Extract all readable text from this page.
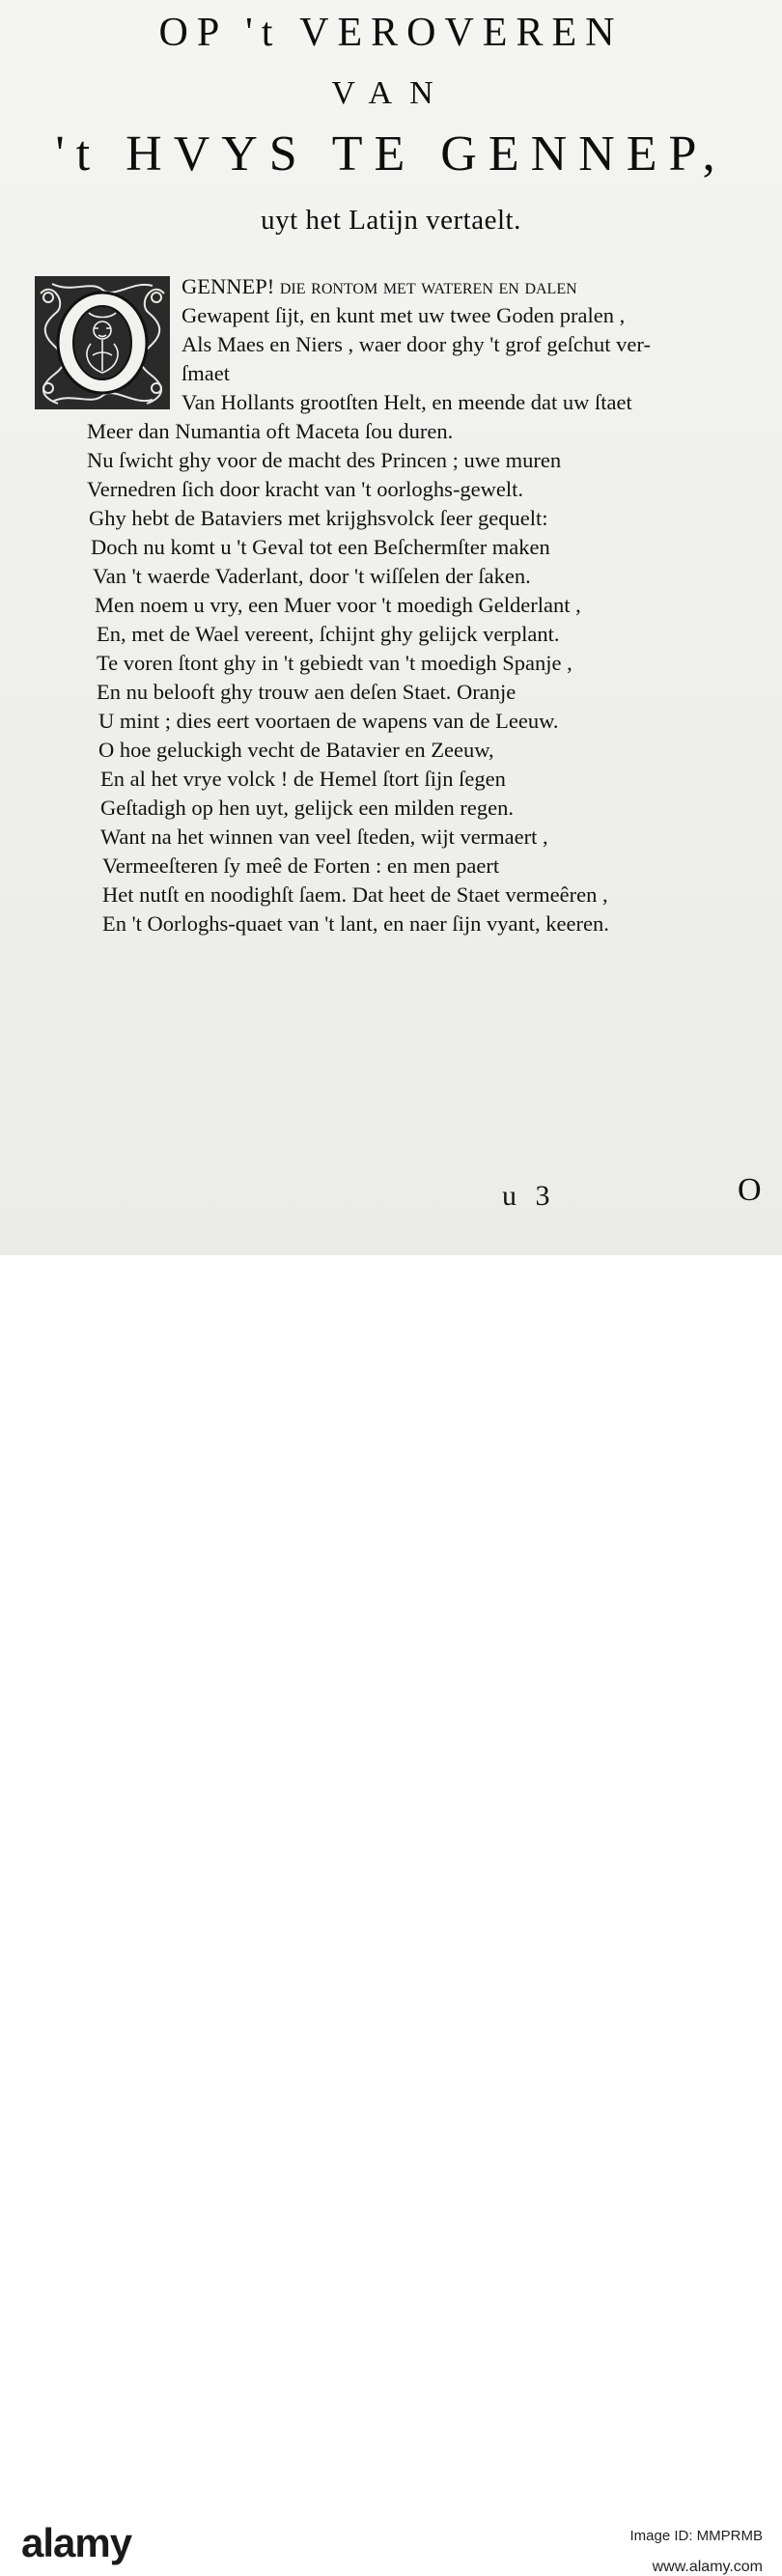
OP 't VEROVEREN
VAN
't HVYS TE GENNEP,
uyt het Latijn vertaelt.
GENNEP! die rontom met wateren en dalen
Gewapent ſijt, en kunt met uw twee Goden pralen ,
Als Maes en Niers , waer door ghy 't grof geſchut ver-
ſmaet
Van Hollants grootſten Helt, en meende dat uw ſtaet
Meer dan Numantia oft Maceta ſou duren.
Nu ſwicht ghy voor de macht des Princen ; uwe muren
Vernedren ſich door kracht van 't oorloghs-gewelt.
Ghy hebt de Bataviers met krijghsvolck ſeer gequelt:
Doch nu komt u 't Geval tot een Beſchermſter maken
Van 't waerde Vaderlant, door 't wiſſelen der ſaken.
Men noem u vry, een Muer voor 't moedigh Gelderlant ,
En, met de Wael vereent, ſchijnt ghy gelijck verplant.
Te voren ſtont ghy in 't gebiedt van 't moedigh Spanje ,
En nu belooft ghy trouw aen deſen Staet. Oranje
U mint ; dies eert voortaen de wapens van de Leeuw.
O hoe geluckigh vecht de Batavier en Zeeuw,
En al het vrye volck ! de Hemel ſtort ſijn ſegen
Geſtadigh op hen uyt, gelijck een milden regen.
Want na het winnen van veel ſteden, wijt vermaert ,
Vermeeſteren ſy meê de Forten : en men paert
Het nutſt en noodighſt ſaem. Dat heet de Staet vermeêren ,
En 't Oorloghs-quaet van 't lant, en naer ſijn vyant, keeren.
u 3	O
alamy	Image ID: MMPRMB
www.alamy.com
